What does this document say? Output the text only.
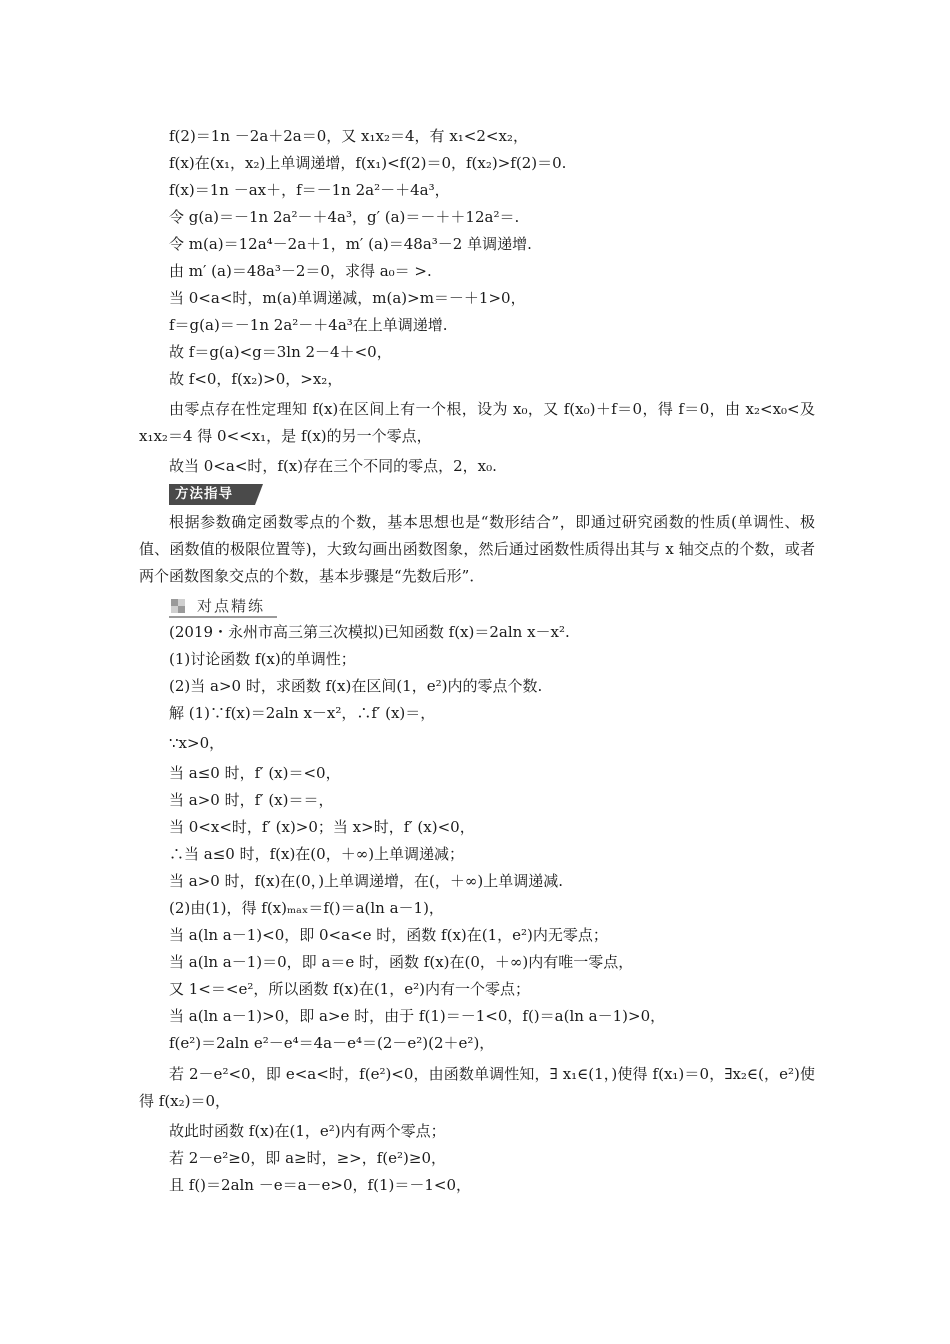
f(2)＝1n －2a＋2a＝0，又 x₁x₂＝4，有 x₁<2<x₂，
f(x)在(x₁，x₂)上单调递增，f(x₁)<f(2)＝0，f(x₂)>f(2)＝0.
f(x)＝1n －ax＋，f＝－1n 2a²－＋4a³，
令 g(a)＝－1n 2a²－＋4a³，g′ (a)＝－＋＋12a²＝.
令 m(a)＝12a⁴－2a＋1，m′ (a)＝48a³－2 单调递增.
由 m′ (a)＝48a³－2＝0，求得 a₀＝ >.
当 0<a<时，m(a)单调递减，m(a)>m＝－＋1>0，
f＝g(a)＝－1n 2a²－＋4a³在上单调递增.
故 f＝g(a)<g＝3ln 2－4＋<0，
故 f<0，f(x₂)>0，>x₂，
由零点存在性定理知 f(x)在区间上有一个根，设为 x₀，又 f(x₀)＋f＝0，得 f＝0，由 x₂<x₀<及 x₁x₂＝4 得 0<<x₁，是 f(x)的另一个零点，
故当 0<a<时，f(x)存在三个不同的零点，2，x₀.
方法指导
根据参数确定函数零点的个数，基本思想也是“数形结合”，即通过研究函数的性质(单调性、极值、函数值的极限位置等)，大致勾画出函数图象，然后通过函数性质得出其与 x 轴交点的个数，或者两个函数图象交点的个数，基本步骤是“先数后形”．
对点精练
(2019・永州市高三第三次模拟)已知函数 f(x)＝2aln x－x².
(1)讨论函数 f(x)的单调性；
(2)当 a>0 时，求函数 f(x)在区间(1，e²)内的零点个数.
解 (1)∵f(x)＝2aln x－x²，∴f′ (x)＝，
∵x>0，
当 a≤0 时，f′ (x)＝<0，
当 a>0 时，f′ (x)＝＝，
当 0<x<时，f′ (x)>0；当 x>时，f′ (x)<0，
∴当 a≤0 时，f(x)在(0，＋∞)上单调递减；
当 a>0 时，f(x)在(0，)上单调递增，在(，＋∞)上单调递减.
(2)由(1)，得 f(x)ₘₐₓ＝f()＝a(ln a－1)，
当 a(ln a－1)<0，即 0<a<e 时，函数 f(x)在(1，e²)内无零点；
当 a(ln a－1)＝0，即 a＝e 时，函数 f(x)在(0，＋∞)内有唯一零点，
又 1<＝<e²，所以函数 f(x)在(1，e²)内有一个零点；
当 a(ln a－1)>0，即 a>e 时，由于 f(1)＝－1<0，f()＝a(ln a－1)>0，
f(e²)＝2aln e²－e⁴＝4a－e⁴＝(2－e²)(2＋e²)，
若 2－e²<0，即 e<a<时，f(e²)<0，由函数单调性知，∃ x₁∈(1，)使得 f(x₁)＝0，∃x₂∈(，e²)使得 f(x₂)＝0，
故此时函数 f(x)在(1，e²)内有两个零点；
若 2－e²≥0，即 a≥时，≥>，f(e²)≥0，
且 f()＝2aln －e＝a－e>0，f(1)＝－1<0，
